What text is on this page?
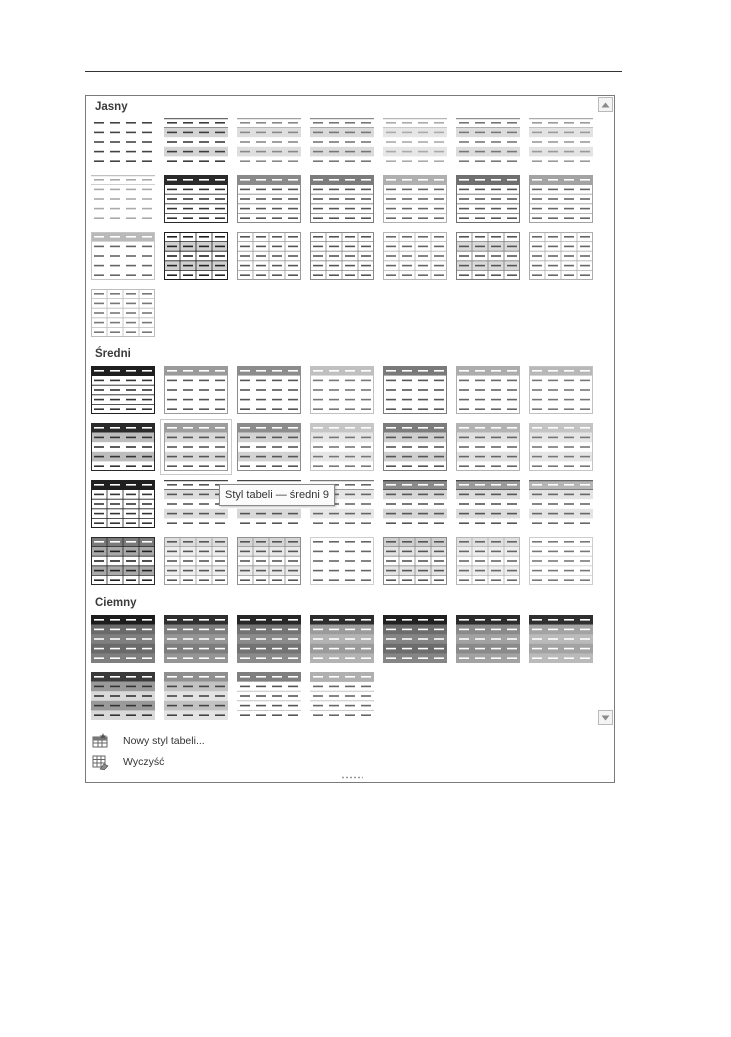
Jasny
Średni
Ciemny
Styl tabeli — średni 9
Nowy styl tabeli...
Wyczyść
